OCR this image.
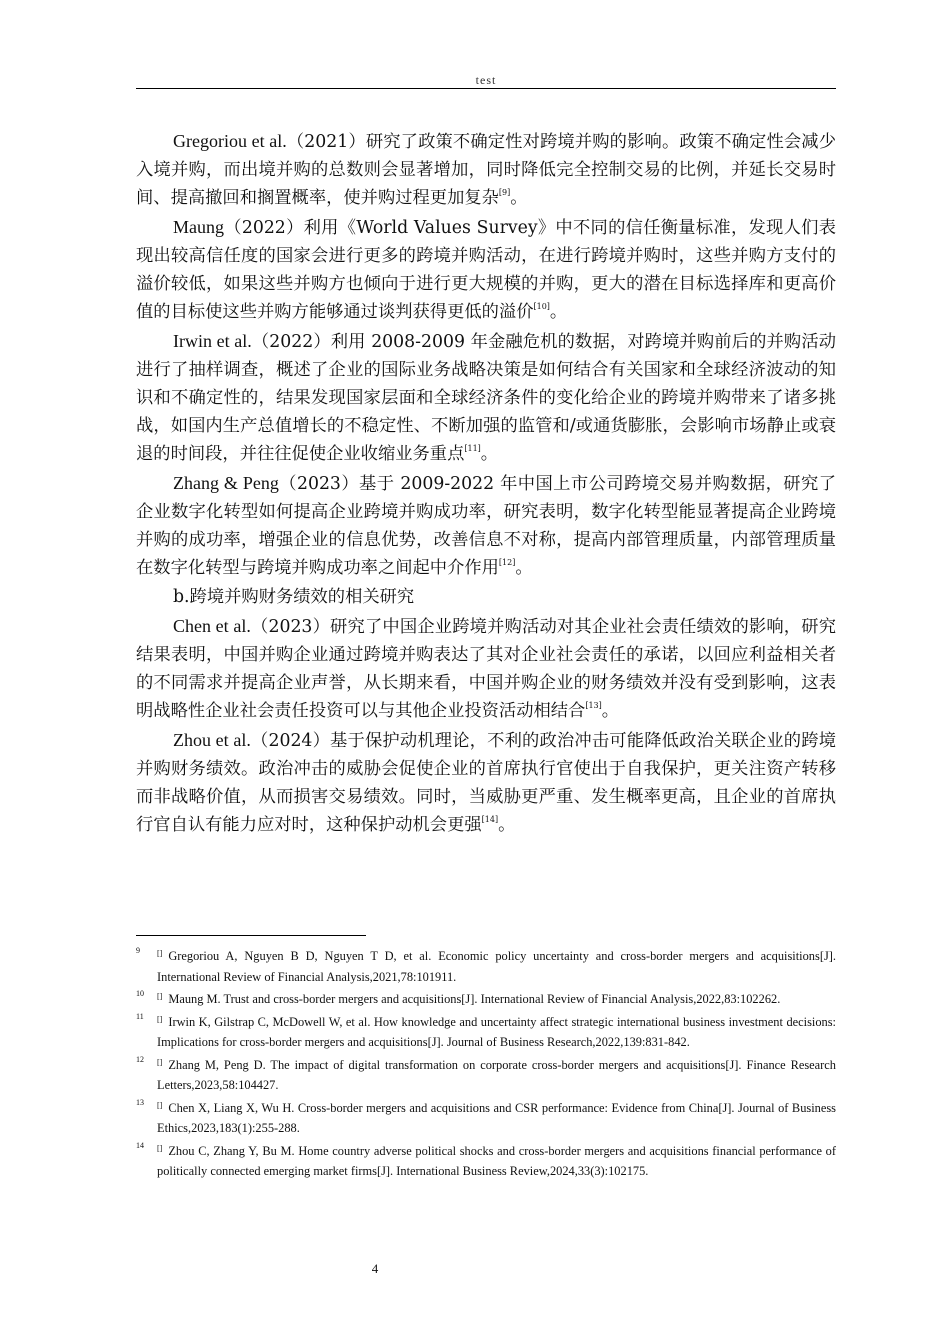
test

Gregoriou et al.（2021）研究了政策不确定性对跨境并购的影响。政策不确定性会减少入境并购，而出境并购的总数则会显著增加，同时降低完全控制交易的比例，并延长交易时间、提高撤回和搁置概率，使并购过程更加复杂[9]。

Maung（2022）利用《World Values Survey》中不同的信任衡量标准，发现人们表现出较高信任度的国家会进行更多的跨境并购活动，在进行跨境并购时，这些并购方支付的溢价较低，如果这些并购方也倾向于进行更大规模的并购，更大的潜在目标选择库和更高价值的目标使这些并购方能够通过谈判获得更低的溢价[10]。

Irwin et al.（2022）利用 2008-2009 年金融危机的数据，对跨境并购前后的并购活动进行了抽样调查，概述了企业的国际业务战略决策是如何结合有关国家和全球经济波动的知识和不确定性的，结果发现国家层面和全球经济条件的变化给企业的跨境并购带来了诸多挑战，如国内生产总值增长的不稳定性、不断加强的监管和/或通货膨胀，会影响市场静止或衰退的时间段，并往往促使企业收缩业务重点[11]。

Zhang & Peng（2023）基于 2009-2022 年中国上市公司跨境交易并购数据，研究了企业数字化转型如何提高企业跨境并购成功率，研究表明，数字化转型能显著提高企业跨境并购的成功率，增强企业的信息优势，改善信息不对称，提高内部管理质量，内部管理质量在数字化转型与跨境并购成功率之间起中介作用[12]。

b.跨境并购财务绩效的相关研究

Chen et al.（2023）研究了中国企业跨境并购活动对其企业社会责任绩效的影响，研究结果表明，中国并购企业通过跨境并购表达了其对企业社会责任的承诺，以回应利益相关者的不同需求并提高企业声誉，从长期来看，中国并购企业的财务绩效并没有受到影响，这表明战略性企业社会责任投资可以与其他企业投资活动相结合[13]。

Zhou et al.（2024）基于保护动机理论，不利的政治冲击可能降低政治关联企业的跨境并购财务绩效。政治冲击的威胁会促使企业的首席执行官使出于自我保护，更关注资产转移而非战略价值，从而损害交易绩效。同时，当威胁更严重、发生概率更高，且企业的首席执行官自认有能力应对时，这种保护动机会更强[14]。

9 [] Gregoriou A, Nguyen B D, Nguyen T D, et al. Economic policy uncertainty and cross-border mergers and acquisitions[J]. International Review of Financial Analysis,2021,78:101911.
10 [] Maung M. Trust and cross-border mergers and acquisitions[J]. International Review of Financial Analysis,2022,83:102262.
11 [] Irwin K, Gilstrap C, McDowell W, et al. How knowledge and uncertainty affect strategic international business investment decisions: Implications for cross-border mergers and acquisitions[J]. Journal of Business Research,2022,139:831-842.
12 [] Zhang M, Peng D. The impact of digital transformation on corporate cross-border mergers and acquisitions[J]. Finance Research Letters,2023,58:104427.
13 [] Chen X, Liang X, Wu H. Cross-border mergers and acquisitions and CSR performance: Evidence from China[J]. Journal of Business Ethics,2023,183(1):255-288.
14 [] Zhou C, Zhang Y, Bu M. Home country adverse political shocks and cross-border mergers and acquisitions financial performance of politically connected emerging market firms[J]. International Business Review,2024,33(3):102175.
4
